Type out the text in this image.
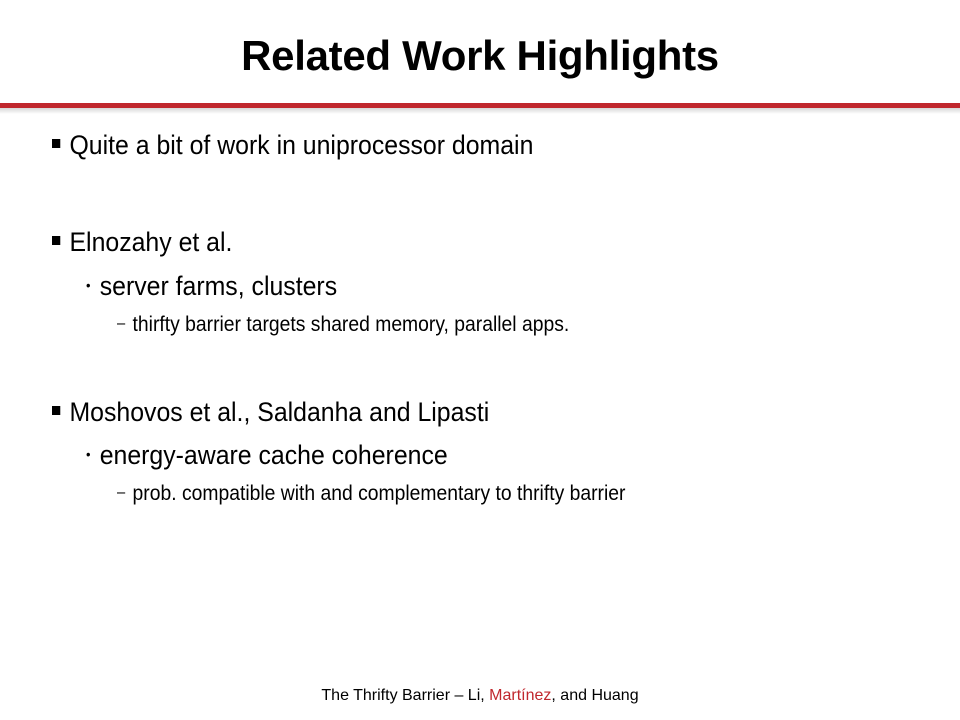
Related Work Highlights
Quite a bit of work in uniprocessor domain
Elnozahy et al.
• server farms, clusters
– thirfty barrier targets shared memory, parallel apps.
Moshovos et al., Saldanha and Lipasti
• energy-aware cache coherence
– prob. compatible with and complementary to thrifty barrier
The Thrifty Barrier – Li, Martínez, and Huang
